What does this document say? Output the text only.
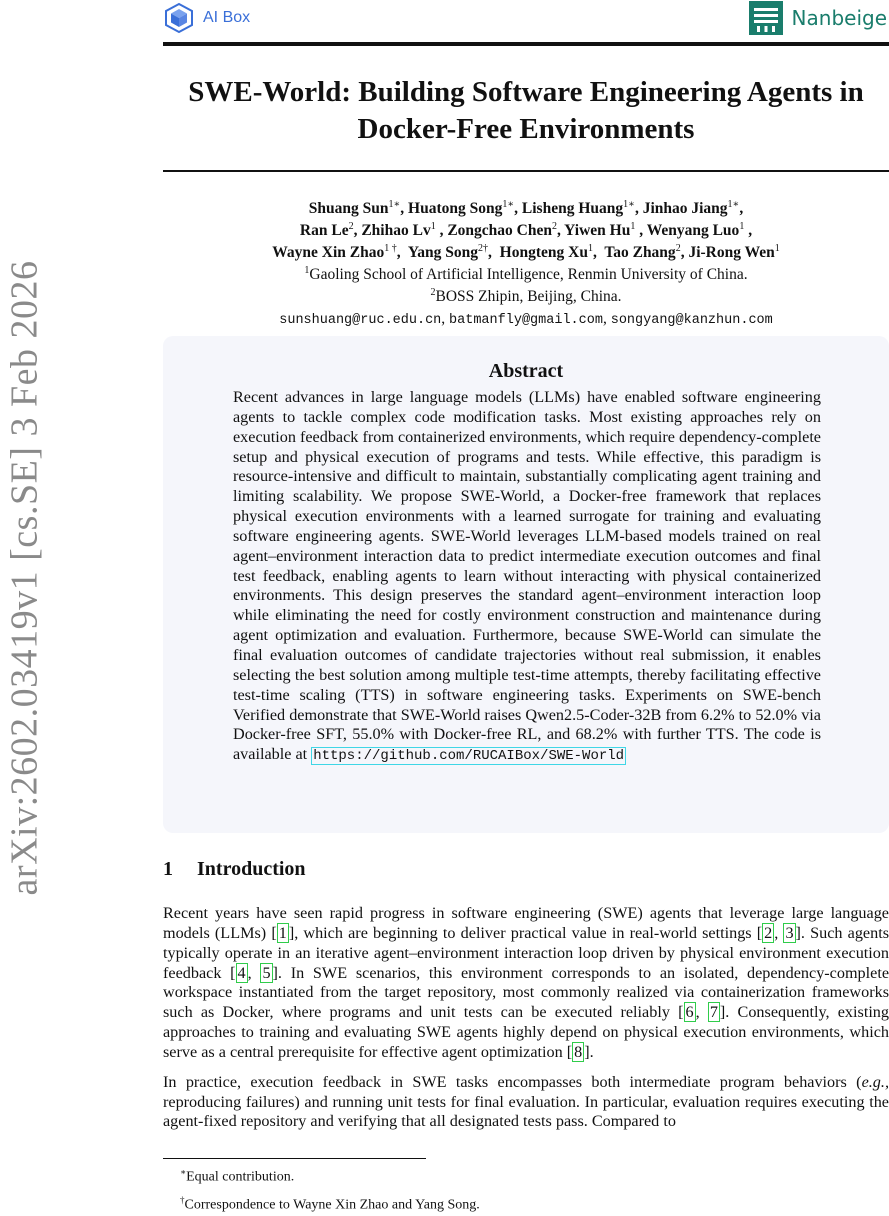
arXiv:2602.03419v1 [cs.SE] 3 Feb 2026
AI Box	Nanbeige
SWE-World: Building Software Engineering Agents in
Docker-Free Environments
Shuang Sun$^{1∗}$, Huatong Song$^{1∗}$, Lisheng Huang$^{1∗}$, Jinhao Jiang$^{1∗}$,
Ran Le$^2$, Zhihao Lv$^1$ , Zongchao Chen$^2$, Yiwen Hu$^1$ , Wenyang Luo$^1$ ,
Wayne Xin Zhao$^{1 \dagger}$,  Yang Song$^{2\dagger}$,  Hongteng Xu$^1$,  Tao Zhang$^2$, Ji-Rong Wen$^1$
$^1$Gaoling School of Artificial Intelligence, Renmin University of China.
$^2$BOSS Zhipin, Beijing, China.
sunshuang@ruc.edu.cn, batmanfly@gmail.com, songyang@kanzhun.com
Abstract
Recent advances in large language models (LLMs) have enabled software engineering agents to tackle complex code modification tasks. Most existing approaches rely on execution feedback from containerized environments, which require dependency-complete setup and physical execution of programs and tests. While effective, this paradigm is resource-intensive and difficult to maintain, substantially complicating agent training and limiting scalability. We propose SWE-World, a Docker-free framework that replaces physical execution environments with a learned surrogate for training and evaluating software engineering agents. SWE-World leverages LLM-based models trained on real agent–environment interaction data to predict intermediate execution outcomes and final test feedback, enabling agents to learn without interacting with physical containerized environments. This design preserves the standard agent–environment interaction loop while eliminating the need for costly environment construction and maintenance during agent optimization and evaluation. Furthermore, because SWE-World can simulate the final evaluation outcomes of candidate trajectories without real submission, it enables selecting the best solution among multiple test-time attempts, thereby facilitating effective test-time scaling (TTS) in software engineering tasks. Experiments on SWE-bench Verified demonstrate that SWE-World raises Qwen2.5-Coder-32B from 6.2% to 52.0% via Docker-free SFT, 55.0% with Docker-free RL, and 68.2% with further TTS. The code is available at https://github.com/RUCAIBox/SWE-World
1 Introduction

Recent years have seen rapid progress in software engineering (SWE) agents that leverage large language models (LLMs) [ 1 ], which are beginning to deliver practical value in real-world settings [ 2 , 3 ]. Such agents typically operate in an iterative agent–environment interaction loop driven by physical environment execution feedback [ 4 , 5 ]. In SWE scenarios, this environment corresponds to an isolated, dependency-complete workspace instantiated from the target repository, most commonly realized via containerization frameworks such as Docker, where programs and unit tests can be executed reliably [ 6 , 7 ]. Consequently, existing approaches to training and evaluating SWE agents highly depend on physical execution environments, which serve as a central prerequisite for effective agent optimization [ 8 ].

In practice, execution feedback in SWE tasks encompasses both intermediate program behaviors (e.g., reproducing failures) and running unit tests for final evaluation. In particular, evaluation requires executing the agent-fixed repository and verifying that all designated tests pass. Compared to

∗Equal contribution.
†Correspondence to Wayne Xin Zhao and Yang Song.
